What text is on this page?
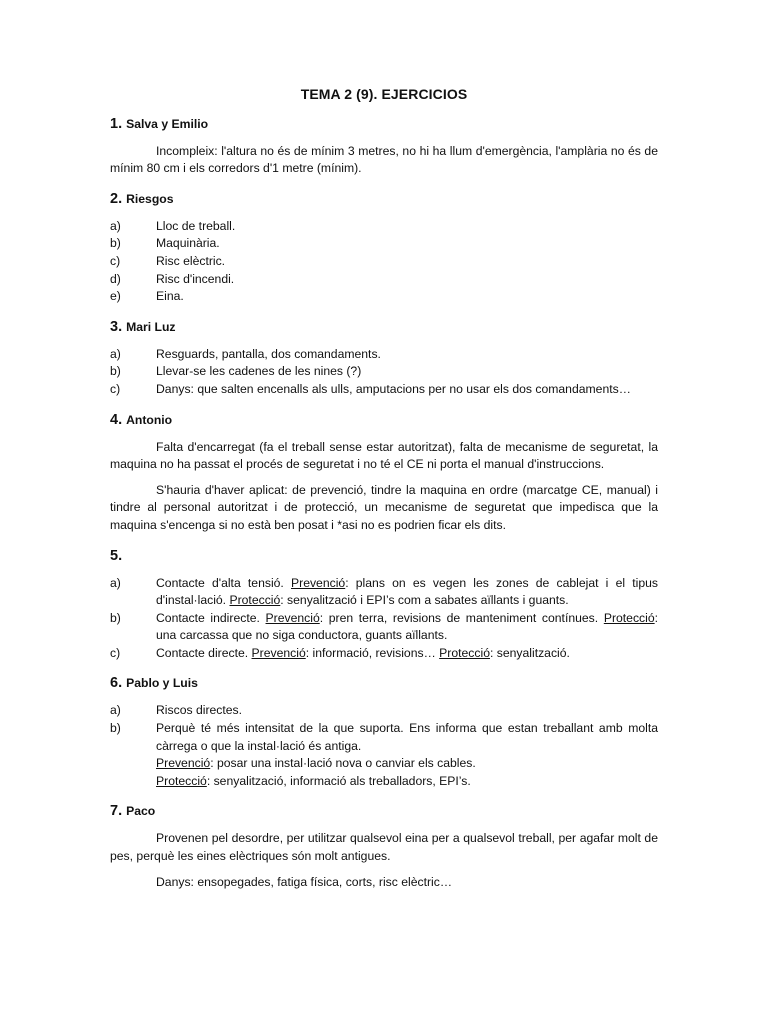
TEMA 2 (9). EJERCICIOS
1. Salva y Emilio

Incompleix: l'altura no és de mínim 3 metres, no hi ha llum d'emergència, l'amplària no és de mínim 80 cm i els corredors d'1 metre (mínim).

2. Riesgos
a)	Lloc de treball.
b)	Maquinària.
c)	Risc elèctric.
d)	Risc d'incendi.
e)	Eina.
3. Mari Luz
a)	Resguards, pantalla, dos comandaments.
b)	Llevar-se les cadenes de les nines (?)
c)	Danys: que salten encenalls als ulls, amputacions per no usar els dos comandaments…
4. Antonio

Falta d'encarregat (fa el treball sense estar autoritzat), falta de mecanisme de seguretat, la maquina no ha passat el procés de seguretat i no té el CE ni porta el manual d'instruccions.

S'hauria d'haver aplicat: de prevenció, tindre la maquina en ordre (marcatge CE, manual) i tindre al personal autoritzat i de protecció, un mecanisme de seguretat que impedisca que la maquina s'encenga si no està ben posat i *asi no es podrien ficar els dits.

5.
a)	Contacte d'alta tensió. Prevenció: plans on es vegen les zones de cablejat i el tipus d'instal·lació. Protecció: senyalització i EPI’s com a sabates aïllants i guants.
b)	Contacte indirecte. Prevenció: pren terra, revisions de manteniment contínues. Protecció: una carcassa que no siga conductora, guants aïllants.
c)	Contacte directe. Prevenció: informació, revisions… Protecció: senyalització.
6. Pablo y Luis
a)	Riscos directes.
b)	Perquè té més intensitat de la que suporta. Ens informa que estan treballant amb molta càrrega o que la instal·lació és antiga.
Prevenció: posar una instal·lació nova o canviar els cables.
Protecció: senyalització, informació als treballadors, EPI’s.
7. Paco

Provenen pel desordre, per utilitzar qualsevol eina per a qualsevol treball, per agafar molt de pes, perquè les eines elèctriques són molt antigues.

Danys: ensopegades, fatiga física, corts, risc elèctric…
